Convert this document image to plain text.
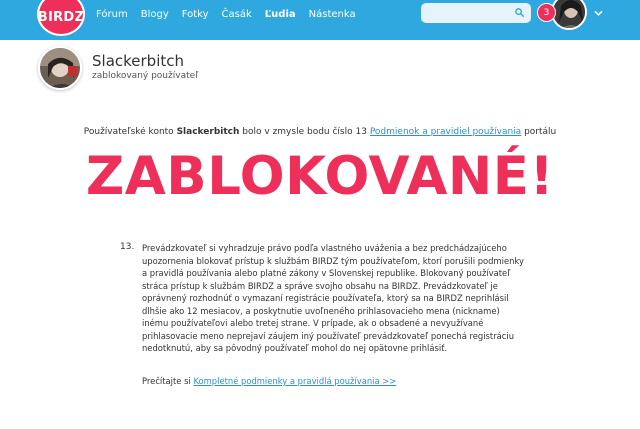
BIRDZ Fórum Blogy Fotky Časák Ľudia Nástenka	3
Slackerbitch
zablokovaný používateľ
Používateľské konto Slackerbitch bolo v zmysle bodu číslo 13 Podmienok a pravidiel používania portálu
ZABLOKOVANÉ!
13. Prevádzkovateľ si vyhradzuje právo podľa vlastného uváženia a bez predchádzajúceho upozornenia blokovať prístup k službám BIRDZ tým používateľom, ktorí porušili podmienky a pravidlá používania alebo platné zákony v Slovenskej republike. Blokovaný používateľ stráca prístup k službám BIRDZ a správe svojho obsahu na BIRDZ. Prevádzkovateľ je oprávnený rozhodnúť o vymazaní registrácie používateľa, ktorý sa na BIRDZ neprihlásil dlhšie ako 12 mesiacov, a poskytnutie uvoľneného prihlasovacieho mena (nickname) inému používateľovi alebo tretej strane. V prípade, ak o obsadené a nevyužívané prihlasovacie meno neprejaví záujem iný používateľ prevádzkovateľ ponechá registráciu nedotknutú, aby sa pôvodný používateľ mohol do nej opätovne prihlásiť.
Prečítajte si Kompletné podmienky a pravidlá používania >>
